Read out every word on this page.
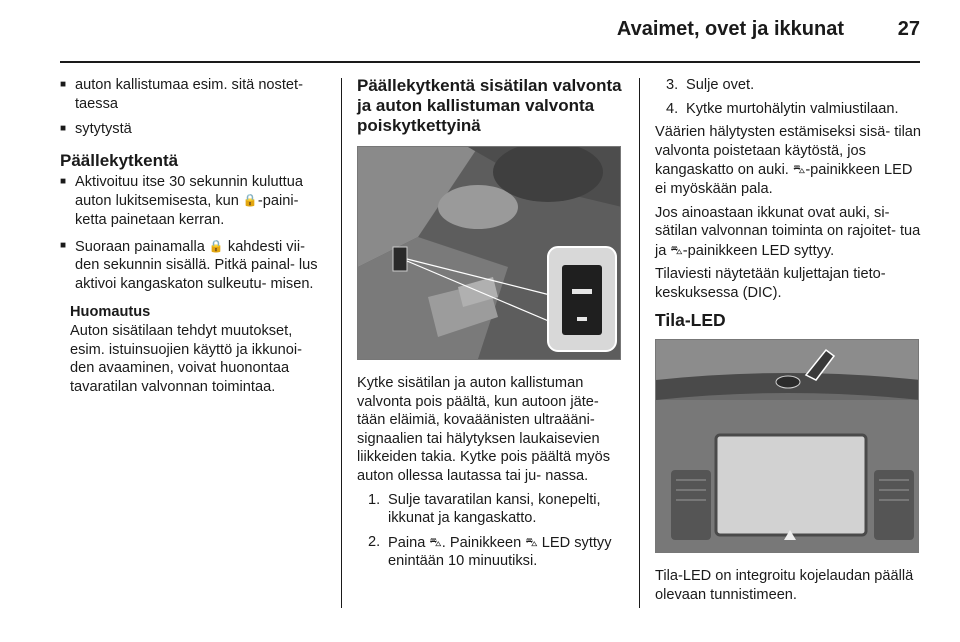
Avaimet, ovet ja ikkunat	27
■ auton kallistumaa esim. sitä nostet- taessa
■ sytytystä
Päällekytkentä
■ Aktivoituu itse 30 sekunnin kuluttua auton lukitsemisesta, kun 🔒-paini- ketta painetaan kerran.
■ Suoraan painamalla 🔒 kahdesti vii- den sekunnin sisällä. Pitkä painal- lus aktivoi kangaskaton sulkeutu- misen.
Huomautus
Auton sisätilaan tehdyt muutokset, esim. istuinsuojien käyttö ja ikkunoi- den avaaminen, voivat huonontaa tavaratilan valvonnan toimintaa.
Päällekytkentä sisätilan valvonta ja auton kallistuman valvonta poiskytkettyinä
Kytke sisätilan ja auton kallistuman valvonta pois päältä, kun autoon jäte- tään eläimiä, kovaäänisten ultraääni- signaalien tai hälytyksen laukaisevien liikkeiden takia. Kytke pois päältä myös auton ollessa lautassa tai ju- nassa.
1. Sulje tavaratilan kansi, konepelti, ikkunat ja kangaskatto.
2. Paina ⛍. Painikkeen ⛍ LED syttyy enintään 10 minuutiksi.
3. Sulje ovet.
4. Kytke murtohälytin valmiustilaan.
Väärien hälytysten estämiseksi sisä- tilan valvonta poistetaan käytöstä, jos kangaskatto on auki. ⛍-painikkeen LED ei myöskään pala.
Jos ainoastaan ikkunat ovat auki, si- sätilan valvonnan toiminta on rajoitet- tua ja ⛍-painikkeen LED syttyy.
Tilaviesti näytetään kuljettajan tieto- keskuksessa (DIC).
Tila-LED
Tila-LED on integroitu kojelaudan päällä olevaan tunnistimeen.
